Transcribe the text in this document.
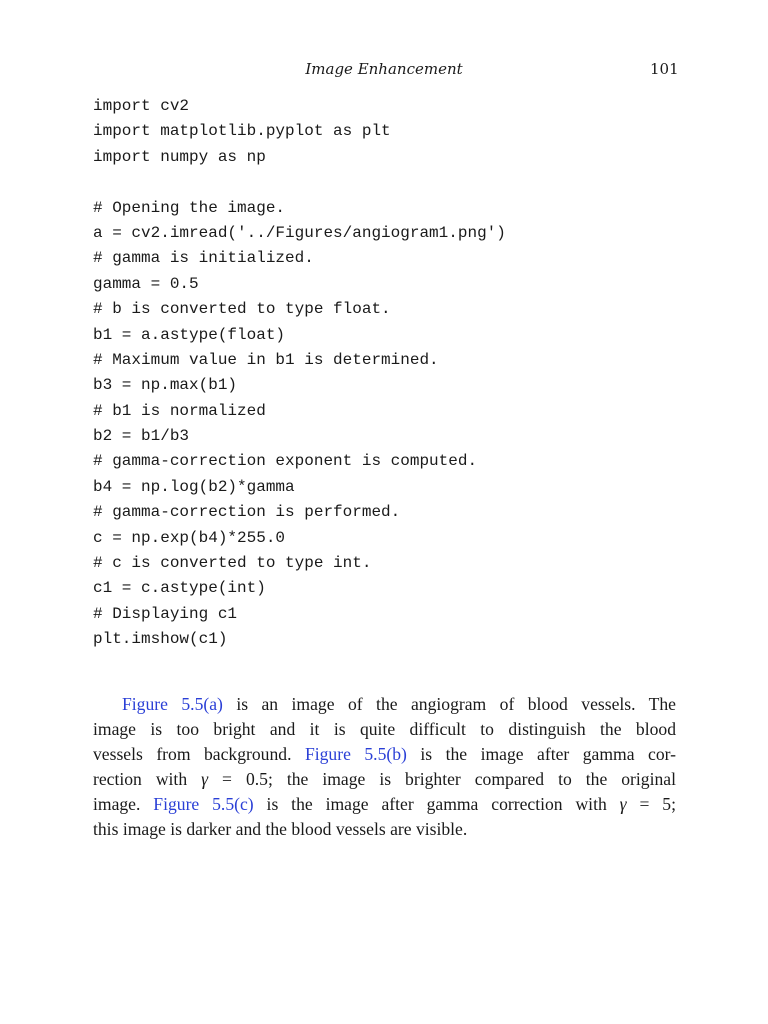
Image Enhancement	101
import cv2
import matplotlib.pyplot as plt
import numpy as np
# Opening the image.
a = cv2.imread('../Figures/angiogram1.png')
# gamma is initialized.
gamma = 0.5
# b is converted to type float.
b1 = a.astype(float)
# Maximum value in b1 is determined.
b3 = np.max(b1)
# b1 is normalized
b2 = b1/b3
# gamma-correction exponent is computed.
b4 = np.log(b2)*gamma
# gamma-correction is performed.
c = np.exp(b4)*255.0
# c is converted to type int.
c1 = c.astype(int)
# Displaying c1
plt.imshow(c1)
Figure 5.5(a) is an image of the angiogram of blood vessels. The
image is too bright and it is quite difficult to distinguish the blood
vessels from background. Figure 5.5(b) is the image after gamma cor-
rection with γ = 0.5; the image is brighter compared to the original
image. Figure 5.5(c) is the image after gamma correction with γ = 5;
this image is darker and the blood vessels are visible.
